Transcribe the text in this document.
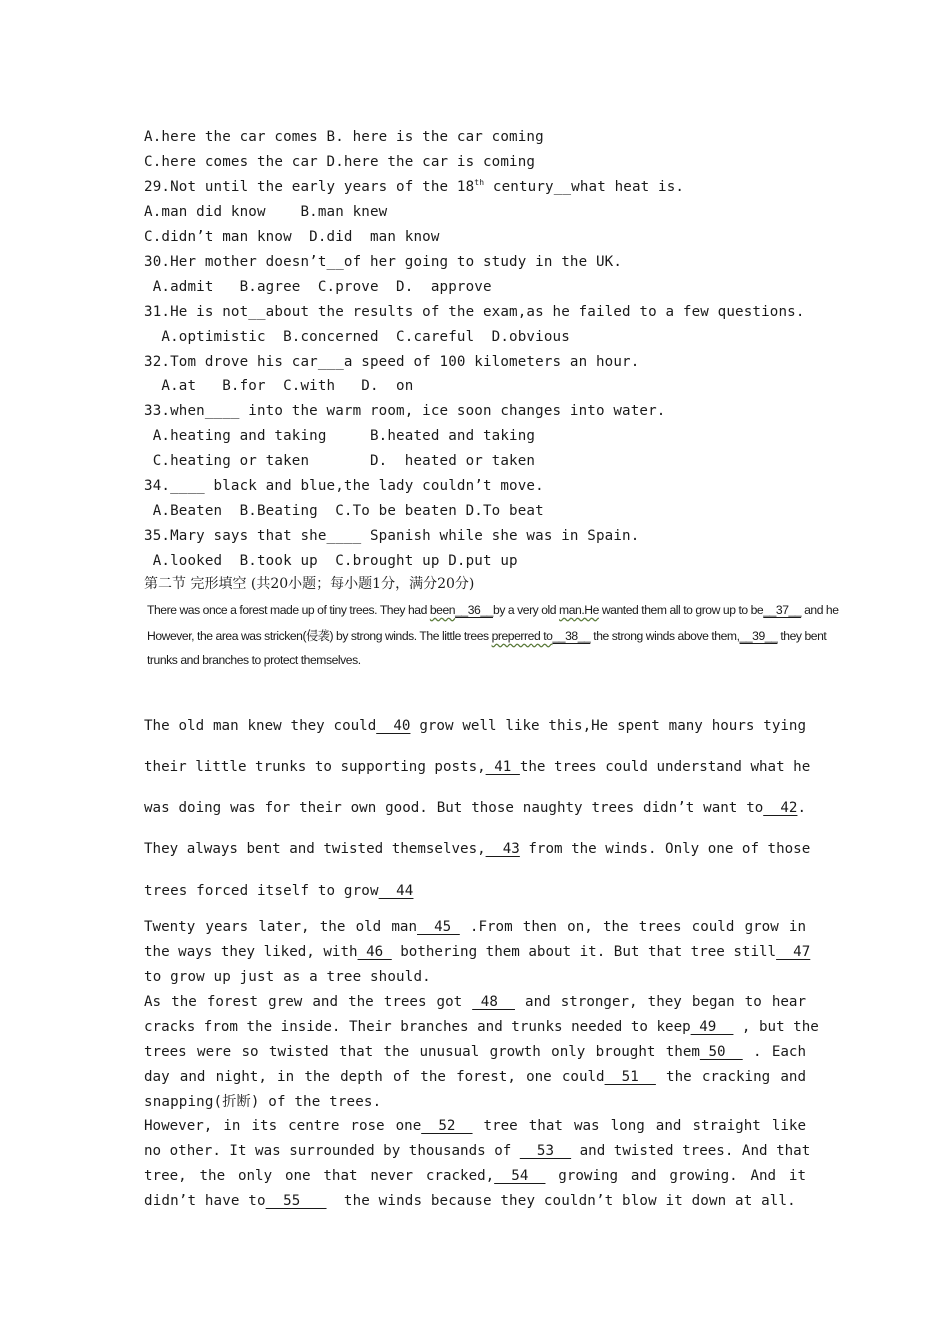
A.here the car comes B. here is the car coming
C.here comes the car D.here the car is coming
29.Not until the early years of the 18th century__what heat is.
A.man did know    B.man knew
C.didn’t man know  D.did  man know
30.Her mother doesn’t__of her going to study in the UK.
A.admit   B.agree  C.prove  D.  approve
31.He is not__about the results of the exam,as he failed to a few questions.
A.optimistic  B.concerned  C.careful  D.obvious
32.Tom drove his car___a speed of 100 kilometers an hour.
A.at   B.for  C.with   D.  on
33.when____ into the warm room, ice soon changes into water.
A.heating and taking     B.heated and taking
C.heating or taken       D.  heated or taken
34.____ black and blue,the lady couldn’t move.
A.Beaten  B.Beating  C.To be beaten D.To beat
35.Mary says that she____ Spanish while she was in Spain.
A.looked  B.took up  C.brought up D.put up
第二节 完形填空 (共20小题；每小题1分，满分20分)
There was once a forest made up of tiny trees. They had been__36__by a very old man.He wanted them all to grow up to be__37__ and he
However, the area was stricken(侵袭) by strong winds. The little trees preperred to__38__ the strong winds above them,__39__ they bent
trunks and branches to protect themselves.
The old man knew they could__40 grow well like this,He spent many hours tying
their little trunks to supporting posts,_41_the trees could understand what he
was doing was for their own good. But those naughty trees didn’t want to__42.
They always bent and twisted themselves,__43 from the winds. Only one of those
trees forced itself to grow__44
Twenty years later, the old man__45_ .From then on, the trees could grow in
the ways they liked, with_46_ bothering them about it. But that tree still__47
to grow up just as a tree should.
As the forest grew and the trees got _48__ and stronger, they began to hear
cracks from the inside. Their branches and trunks needed to keep_49__ , but the
trees were so twisted that the unusual growth only brought them_50__ . Each
day and night, in the depth of the forest, one could__51__ the cracking and
snapping(折断) of the trees.
However, in its centre rose one__52__ tree that was long and straight like
no other. It was surrounded by thousands of __53__ and twisted trees. And that
tree, the only one that never cracked,__54__ growing and growing. And it
didn’t have to__55___  the winds because they couldn’t blow it down at all.
